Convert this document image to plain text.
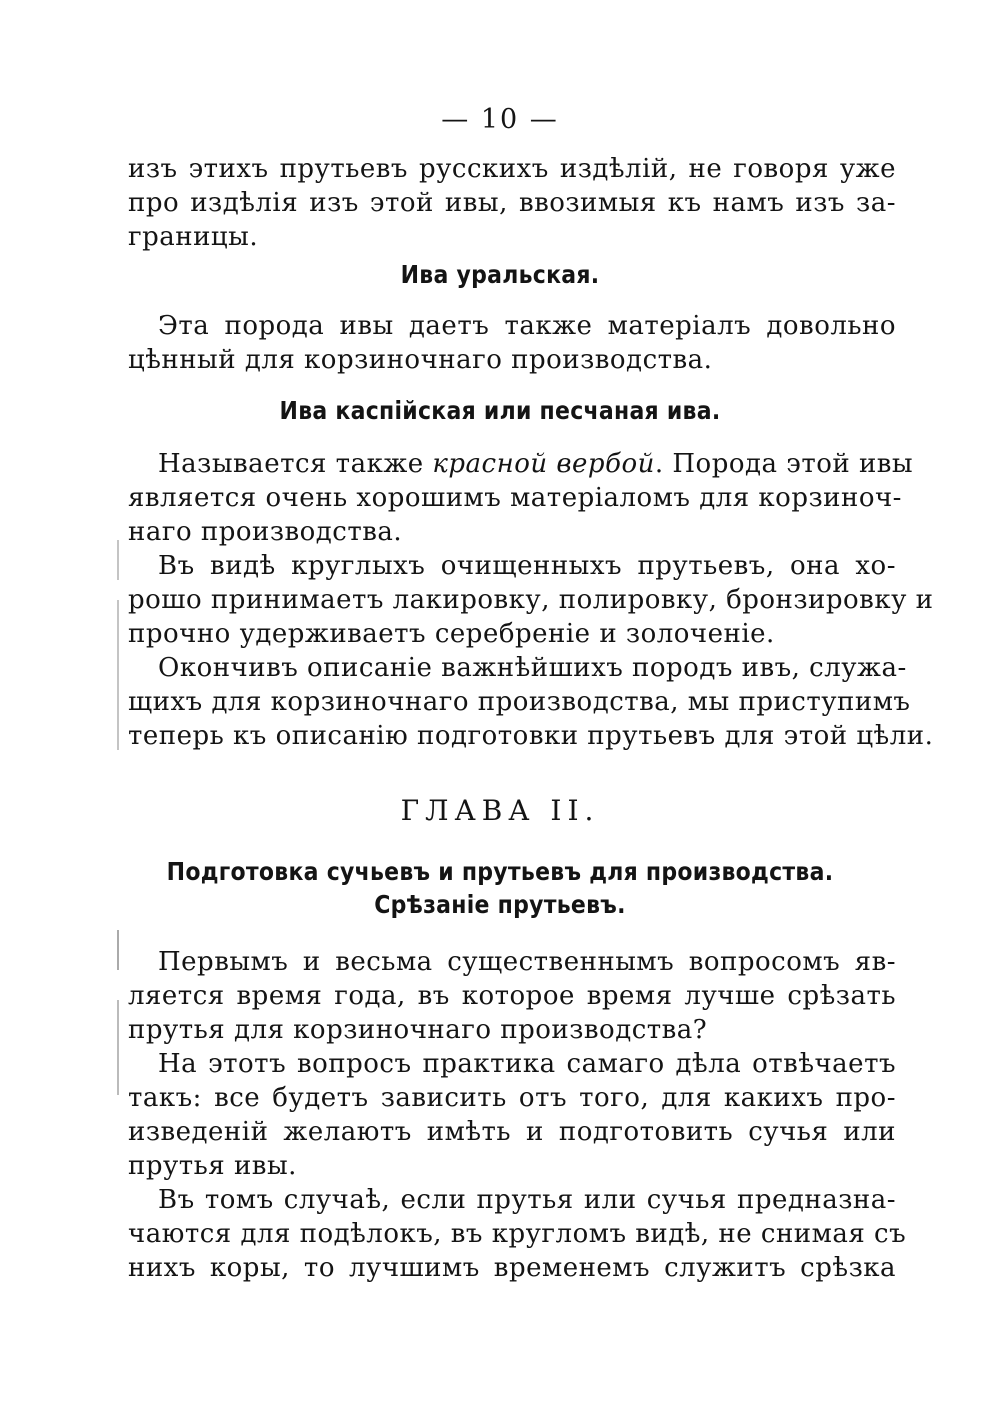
— 10 —
изъ этихъ прутьевъ русскихъ издѣлій, не говоря уже
про издѣлія изъ этой ивы, ввозимыя къ намъ изъ за-
границы.
Ива уральская.
Эта порода ивы даетъ также матеріалъ довольно
цѣнный для корзиночнаго производства.
Ива каспійская или песчаная ива.
Называется также красной вербой. Порода этой ивы
является очень хорошимъ матеріаломъ для корзиноч-
наго производства.
Въ видѣ круглыхъ очищенныхъ прутьевъ, она хо-
рошо принимаетъ лакировку, полировку, бронзировку и
прочно удерживаетъ серебреніе и золоченіе.
Окончивъ описаніе важнѣйшихъ породъ ивъ, служа-
щихъ для корзиночнаго производства, мы приступимъ
теперь къ описанію подготовки прутьевъ для этой цѣли.
ГЛАВА II.
Подготовка сучьевъ и прутьевъ для производства.
Срѣзаніе прутьевъ.
Первымъ и весьма существеннымъ вопросомъ яв-
ляется время года, въ которое время лучше срѣзать
прутья для корзиночнаго производства?
На этотъ вопросъ практика самаго дѣла отвѣчаетъ
такъ: все будетъ зависить отъ того, для какихъ про-
изведеній желаютъ имѣть и подготовить сучья или
прутья ивы.
Въ томъ случаѣ, если прутья или сучья предназна-
чаются для подѣлокъ, въ кругломъ видѣ, не снимая съ
нихъ коры, то лучшимъ временемъ служитъ срѣзка
